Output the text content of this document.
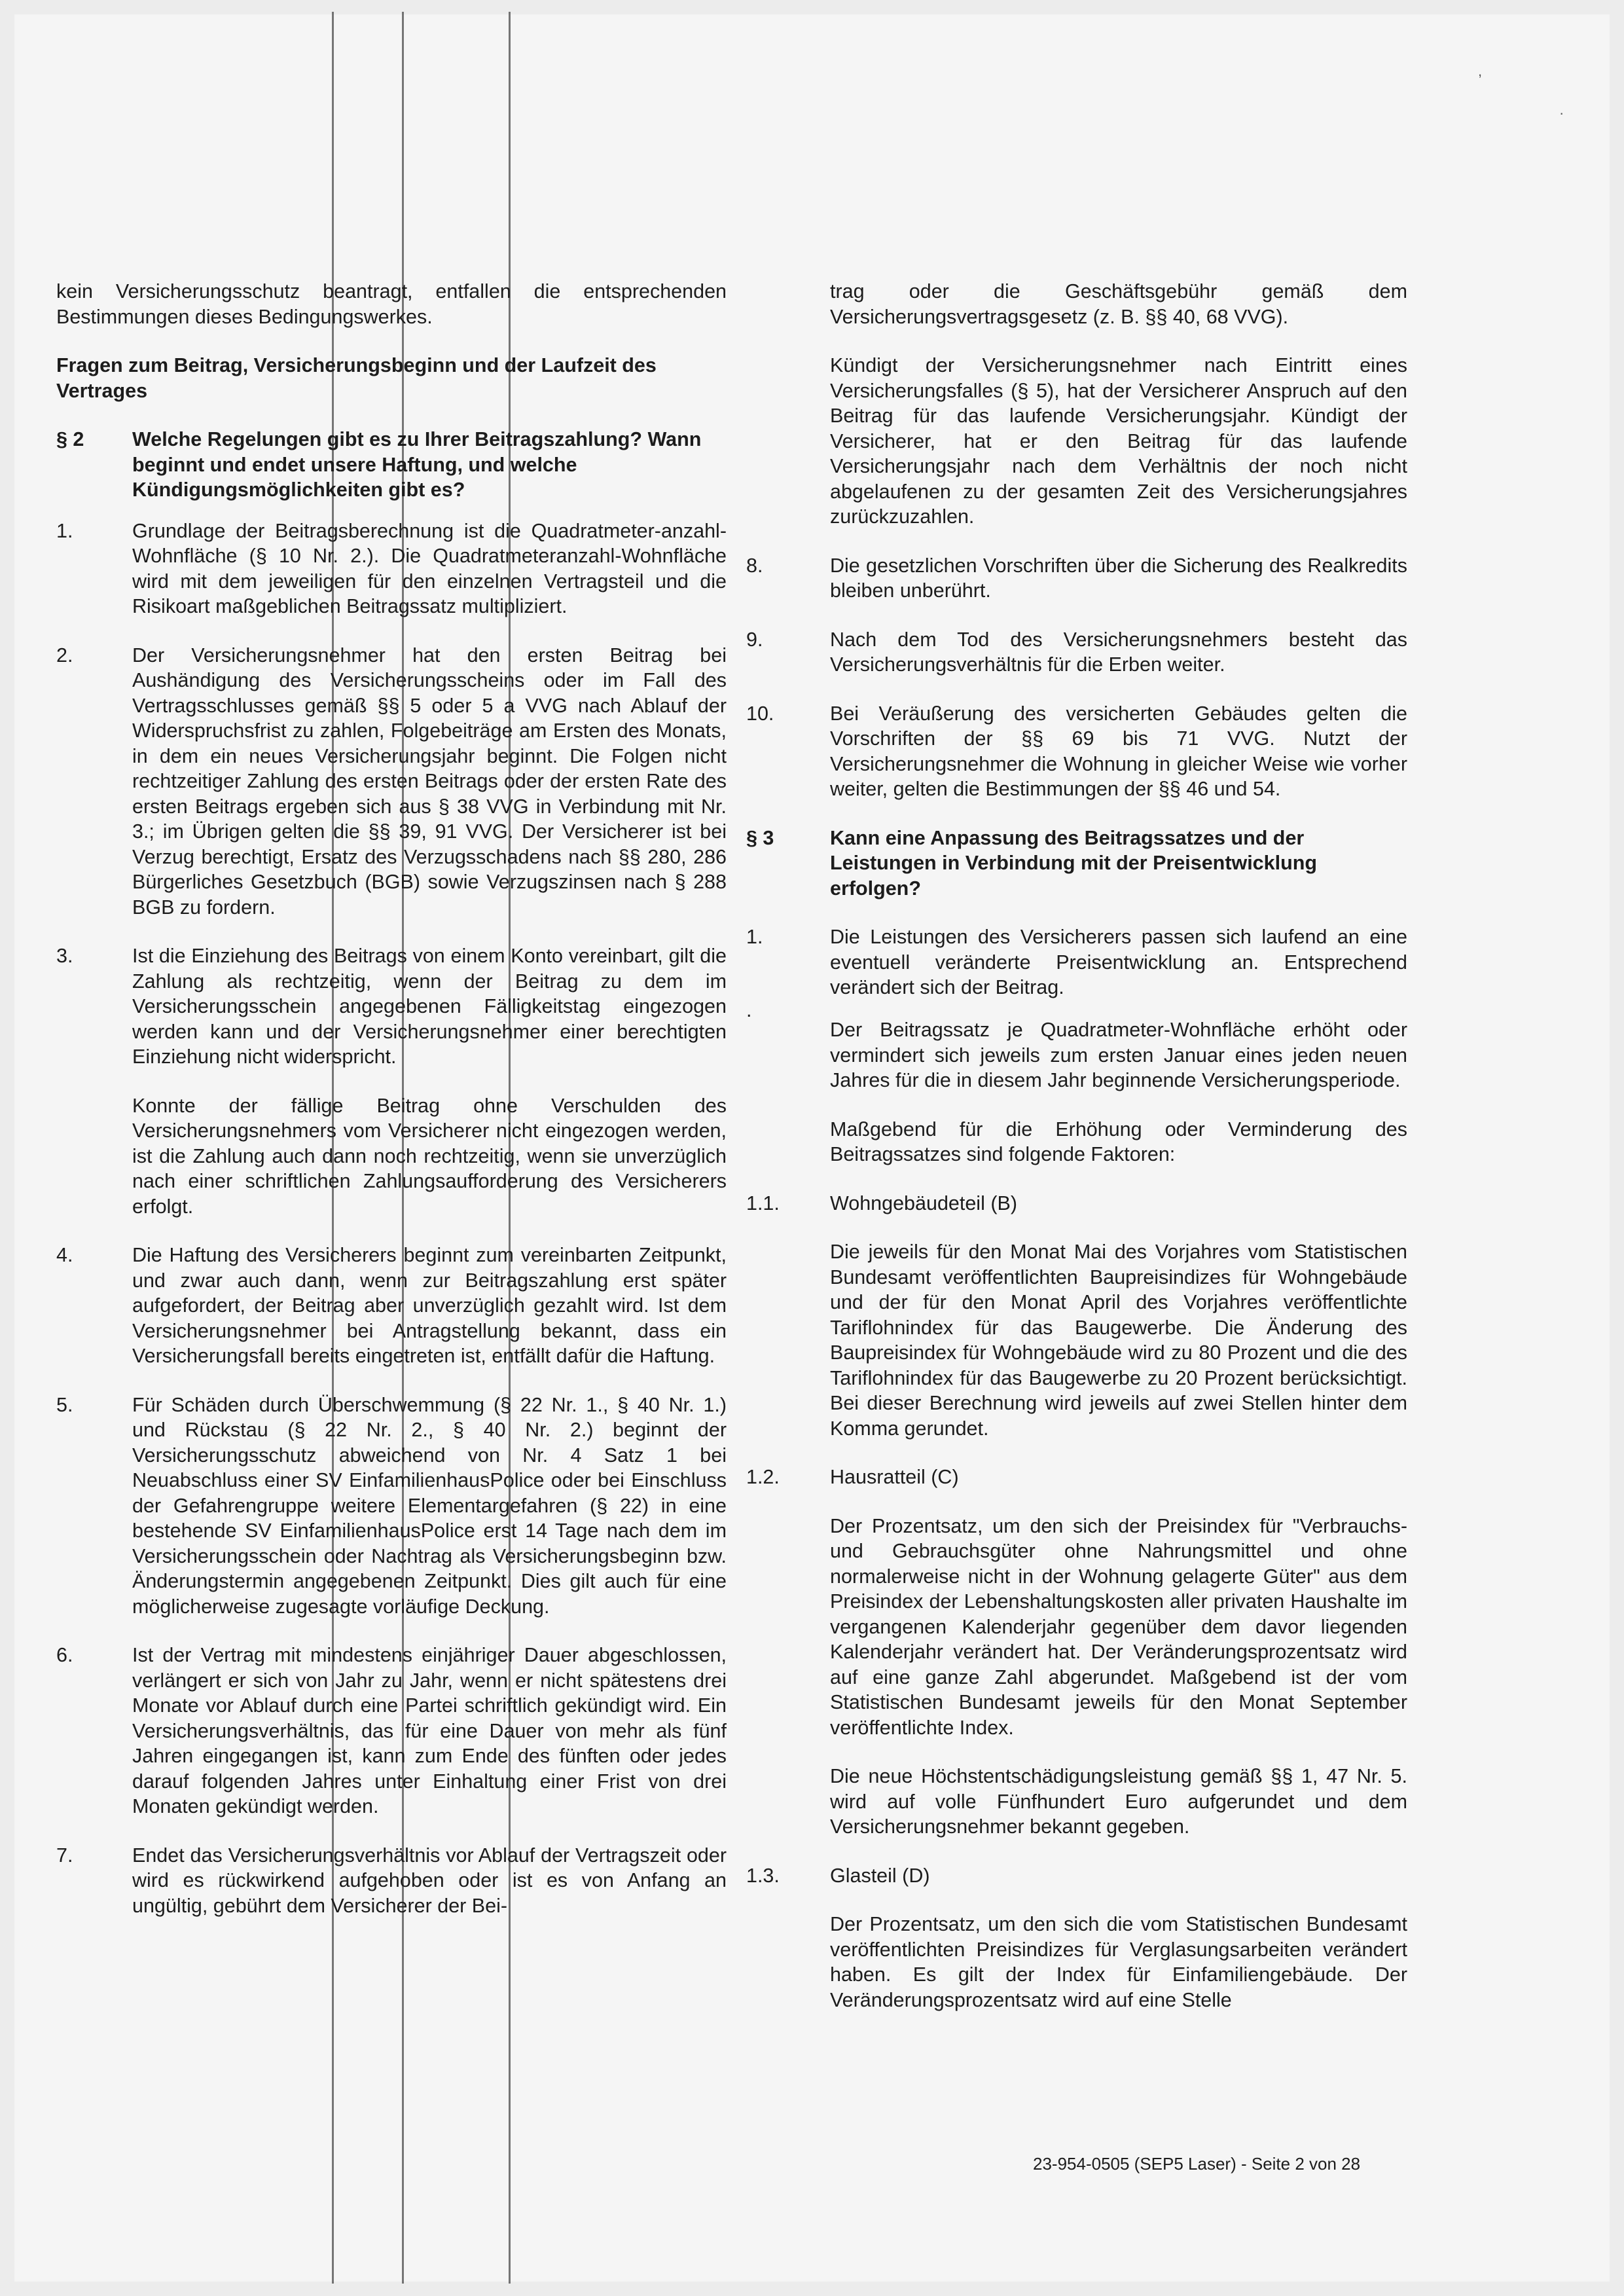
,
·

kein Versicherungsschutz beantragt, entfallen die entsprechenden Bestimmungen dieses Bedingungswerkes.

Fragen zum Beitrag, Versicherungsbeginn und der Laufzeit des Vertrages

§ 2	Welche Regelungen gibt es zu Ihrer Beitragszahlung? Wann beginnt und endet unsere Haftung, und welche Kündigungsmöglichkeiten gibt es?
1.	Grundlage der Beitragsberechnung ist die Quadratmeter-anzahl-Wohnfläche (§ 10 Nr. 2.). Die Quadratmeteranzahl-Wohnfläche wird mit dem jeweiligen für den einzelnen Vertragsteil und die Risikoart maßgeblichen Beitragssatz multipliziert.

2.	Der Versicherungsnehmer hat den ersten Beitrag bei Aushändigung des Versicherungsscheins oder im Fall des Vertragsschlusses gemäß §§ 5 oder 5 a VVG nach Ablauf der Widerspruchsfrist zu zahlen, Folgebeiträge am Ersten des Monats, in dem ein neues Versicherungsjahr beginnt. Die Folgen nicht rechtzeitiger Zahlung des ersten Beitrags oder der ersten Rate des ersten Beitrags ergeben sich aus § 38 VVG in Verbindung mit Nr. 3.; im Übrigen gelten die §§ 39, 91 VVG. Der Versicherer ist bei Verzug berechtigt, Ersatz des Verzugsschadens nach §§ 280, 286 Bürgerliches Gesetzbuch (BGB) sowie Verzugszinsen nach § 288 BGB zu fordern.

3.	Ist die Einziehung des Beitrags von einem Konto vereinbart, gilt die Zahlung als rechtzeitig, wenn der Beitrag zu dem im Versicherungsschein angegebenen Fälligkeitstag eingezogen werden kann und der Versicherungsnehmer einer berechtigten Einziehung nicht widerspricht.

Konnte der fällige Beitrag ohne Verschulden des Versicherungsnehmers vom Versicherer nicht eingezogen werden, ist die Zahlung auch dann noch rechtzeitig, wenn sie unverzüglich nach einer schriftlichen Zahlungsaufforderung des Versicherers erfolgt.

4.	Die Haftung des Versicherers beginnt zum vereinbarten Zeitpunkt, und zwar auch dann, wenn zur Beitragszahlung erst später aufgefordert, der Beitrag aber unverzüglich gezahlt wird. Ist dem Versicherungsnehmer bei Antragstellung bekannt, dass ein Versicherungsfall bereits eingetreten ist, entfällt dafür die Haftung.

5.	Für Schäden durch Überschwemmung (§ 22 Nr. 1., § 40 Nr. 1.) und Rückstau (§ 22 Nr. 2., § 40 Nr. 2.) beginnt der Versicherungsschutz abweichend von Nr. 4 Satz 1 bei Neuabschluss einer SV EinfamilienhausPolice oder bei Einschluss der Gefahrengruppe weitere Elementargefahren (§ 22) in eine bestehende SV EinfamilienhausPolice erst 14 Tage nach dem im Versicherungsschein oder Nachtrag als Versicherungsbeginn bzw. Änderungstermin angegebenen Zeitpunkt. Dies gilt auch für eine möglicherweise zugesagte vorläufige Deckung.

6.	Ist der Vertrag mit mindestens einjähriger Dauer abgeschlossen, verlängert er sich von Jahr zu Jahr, wenn er nicht spätestens drei Monate vor Ablauf durch eine Partei schriftlich gekündigt wird. Ein Versicherungsverhältnis, das für eine Dauer von mehr als fünf Jahren eingegangen ist, kann zum Ende des fünften oder jedes darauf folgenden Jahres unter Einhaltung einer Frist von drei Monaten gekündigt werden.

7.	Endet das Versicherungsverhältnis vor Ablauf der Vertragszeit oder wird es rückwirkend aufgehoben oder ist es von Anfang an ungültig, gebührt dem Versicherer der Bei-

trag oder die Geschäftsgebühr gemäß dem Versicherungsvertragsgesetz (z. B. §§ 40, 68 VVG).

Kündigt der Versicherungsnehmer nach Eintritt eines Versicherungsfalles (§ 5), hat der Versicherer Anspruch auf den Beitrag für das laufende Versicherungsjahr. Kündigt der Versicherer, hat er den Beitrag für das laufende Versicherungsjahr nach dem Verhältnis der noch nicht abgelaufenen zu der gesamten Zeit des Versicherungsjahres zurückzuzahlen.

8.	Die gesetzlichen Vorschriften über die Sicherung des Realkredits bleiben unberührt.

9.	Nach dem Tod des Versicherungsnehmers besteht das Versicherungsverhältnis für die Erben weiter.

10.	Bei Veräußerung des versicherten Gebäudes gelten die Vorschriften der §§ 69 bis 71 VVG. Nutzt der Versicherungsnehmer die Wohnung in gleicher Weise wie vorher weiter, gelten die Bestimmungen der §§ 46 und 54.

§ 3	Kann eine Anpassung des Beitragssatzes und der Leistungen in Verbindung mit der Preisentwicklung erfolgen?
1.	Die Leistungen des Versicherers passen sich laufend an eine eventuell veränderte Preisentwicklung an. Entsprechend verändert sich der Beitrag.

.

Der Beitragssatz je Quadratmeter-Wohnfläche erhöht oder vermindert sich jeweils zum ersten Januar eines jeden neuen Jahres für die in diesem Jahr beginnende Versicherungsperiode.

Maßgebend für die Erhöhung oder Verminderung des Beitragssatzes sind folgende Faktoren:

1.1.	Wohngebäudeteil (B)

Die jeweils für den Monat Mai des Vorjahres vom Statistischen Bundesamt veröffentlichten Baupreisindizes für Wohngebäude und der für den Monat April des Vorjahres veröffentlichte Tariflohnindex für das Baugewerbe. Die Änderung des Baupreisindex für Wohngebäude wird zu 80 Prozent und die des Tariflohnindex für das Baugewerbe zu 20 Prozent berücksichtigt. Bei dieser Berechnung wird jeweils auf zwei Stellen hinter dem Komma gerundet.

1.2.	Hausratteil (C)

Der Prozentsatz, um den sich der Preisindex für "Verbrauchs- und Gebrauchsgüter ohne Nahrungsmittel und ohne normalerweise nicht in der Wohnung gelagerte Güter" aus dem Preisindex der Lebenshaltungskosten aller privaten Haushalte im vergangenen Kalenderjahr gegenüber dem davor liegenden Kalenderjahr verändert hat. Der Veränderungsprozentsatz wird auf eine ganze Zahl abgerundet. Maßgebend ist der vom Statistischen Bundesamt jeweils für den Monat September veröffentlichte Index.

Die neue Höchstentschädigungsleistung gemäß §§ 1, 47 Nr. 5. wird auf volle Fünfhundert Euro aufgerundet und dem Versicherungsnehmer bekannt gegeben.

1.3.	Glasteil (D)

Der Prozentsatz, um den sich die vom Statistischen Bundesamt veröffentlichten Preisindizes für Verglasungsarbeiten verändert haben. Es gilt der Index für Einfamiliengebäude. Der Veränderungsprozentsatz wird auf eine Stelle

23-954-0505 (SEP5 Laser) - Seite 2 von 28
